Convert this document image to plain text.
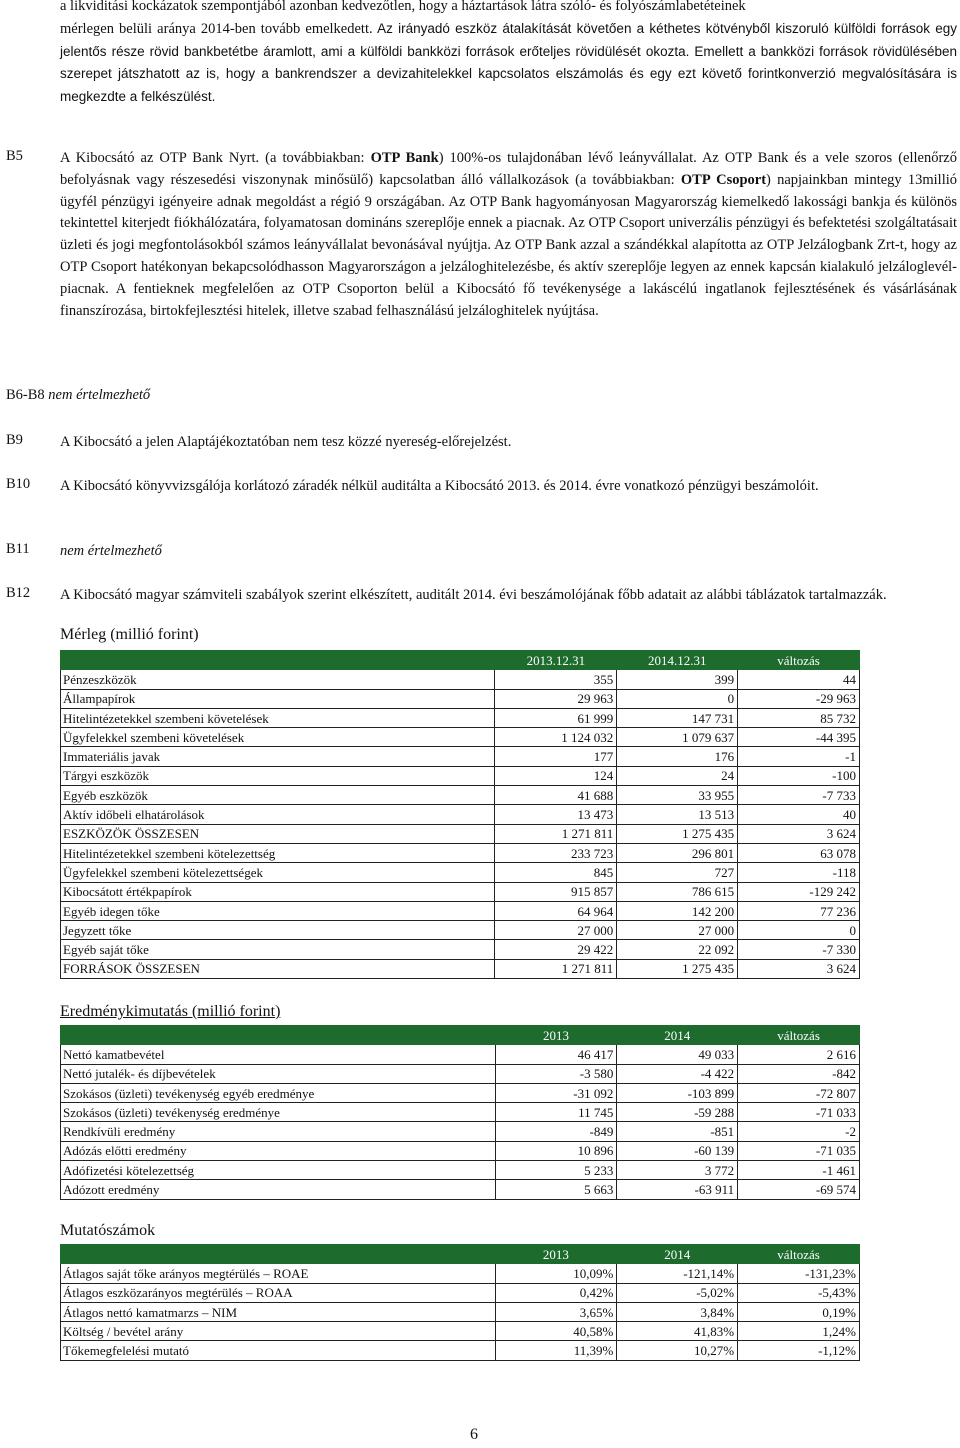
a likviditási kockázatok szempontjából azonban kedvezőtlen, hogy a háztartások látra szóló- és folyószámlabetéteinek
mérlegen belüli aránya 2014-ben tovább emelkedett. Az irányadó eszköz átalakítását követően a kéthetes kötvényből kiszoruló külföldi források egy jelentős része rövid bankbetétbe áramlott, ami a külföldi bankközi források erőteljes rövidülését okozta. Emellett a bankközi források rövidülésében szerepet játszhatott az is, hogy a bankrendszer a devizahitelekkel kapcsolatos elszámolás és egy ezt követő forintkonverzió megvalósítására is megkezdte a felkészülést.
B5	A Kibocsátó az OTP Bank Nyrt. (a továbbiakban: OTP Bank) 100%-os tulajdonában lévő leányvállalat. Az OTP Bank és a vele szoros (ellenőrző befolyásnak vagy részesedési viszonynak minősülő) kapcsolatban álló vállalkozások (a továbbiakban: OTP Csoport) napjainkban mintegy 13millió ügyfél pénzügyi igényeire adnak megoldást a régió 9 országában. Az OTP Bank hagyományosan Magyarország kiemelkedő lakossági bankja és különös tekintettel kiterjedt fiókhálózatára, folyamatosan domináns szereplője ennek a piacnak. Az OTP Csoport univerzális pénzügyi és befektetési szolgáltatásait üzleti és jogi megfontolásokból számos leányvállalat bevonásával nyújtja. Az OTP Bank azzal a szándékkal alapította az OTP Jelzálogbank Zrt-t, hogy az OTP Csoport hatékonyan bekapcsolódhasson Magyarországon a jelzáloghitelezésbe, és aktív szereplője legyen az ennek kapcsán kialakuló jelzáloglevél-piacnak. A fentieknek megfelelően az OTP Csoporton belül a Kibocsátó fő tevékenysége a lakáscélú ingatlanok fejlesztésének és vásárlásának finanszírozása, birtokfejlesztési hitelek, illetve szabad felhasználású jelzáloghitelek nyújtása.
B6-B8 nem értelmezhető
B9	A Kibocsátó a jelen Alaptájékoztatóban nem tesz közzé nyereség-előrejelzést.
B10 A Kibocsátó könyvvizsgálója korlátozó záradék nélkül auditálta a Kibocsátó 2013. és 2014. évre vonatkozó pénzügyi beszámolóit.
B11 nem értelmezhető
B12 A Kibocsátó magyar számviteli szabályok szerint elkészített, auditált 2014. évi beszámolójának főbb adatait az alábbi táblázatok tartalmazzák.
Mérleg (millió forint)
	2013.12.31	2014.12.31	változás
Pénzeszközök	355	399	44
Állampapírok	29 963	0	-29 963
Hitelintézetekkel szembeni követelések	61 999	147 731	85 732
Ügyfelekkel szembeni követelések	1 124 032	1 079 637	-44 395
Immateriális javak	177	176	-1
Tárgyi eszközök	124	24	-100
Egyéb eszközök	41 688	33 955	-7 733
Aktív időbeli elhatárolások	13 473	13 513	40
ESZKÖZÖK ÖSSZESEN	1 271 811	1 275 435	3 624
Hitelintézetekkel szembeni kötelezettség	233 723	296 801	63 078
Ügyfelekkel szembeni kötelezettségek	845	727	-118
Kibocsátott értékpapírok	915 857	786 615	-129 242
Egyéb idegen tőke	64 964	142 200	77 236
Jegyzett tőke	27 000	27 000	0
Egyéb saját tőke	29 422	22 092	-7 330
FORRÁSOK ÖSSZESEN	1 271 811	1 275 435	3 624
Eredménykimutatás (millió forint)
	2013	2014	változás
Nettó kamatbevétel	46 417	49 033	2 616
Nettó jutalék- és díjbevételek	-3 580	-4 422	-842
Szokásos (üzleti) tevékenység egyéb eredménye	-31 092	-103 899	-72 807
Szokásos (üzleti) tevékenység eredménye	11 745	-59 288	-71 033
Rendkívüli eredmény	-849	-851	-2
Adózás előtti eredmény	10 896	-60 139	-71 035
Adófizetési kötelezettség	5 233	3 772	-1 461
Adózott eredmény	5 663	-63 911	-69 574
Mutatószámok
	2013	2014	változás
Átlagos saját tőke arányos megtérülés – ROAE	10,09%	-121,14%	-131,23%
Átlagos eszközarányos megtérülés – ROAA	0,42%	-5,02%	-5,43%
Átlagos nettó kamatmarzs – NIM	3,65%	3,84%	0,19%
Költség / bevétel arány	40,58%	41,83%	1,24%
Tőkemegfelelési mutató	11,39%	10,27%	-1,12%
6
